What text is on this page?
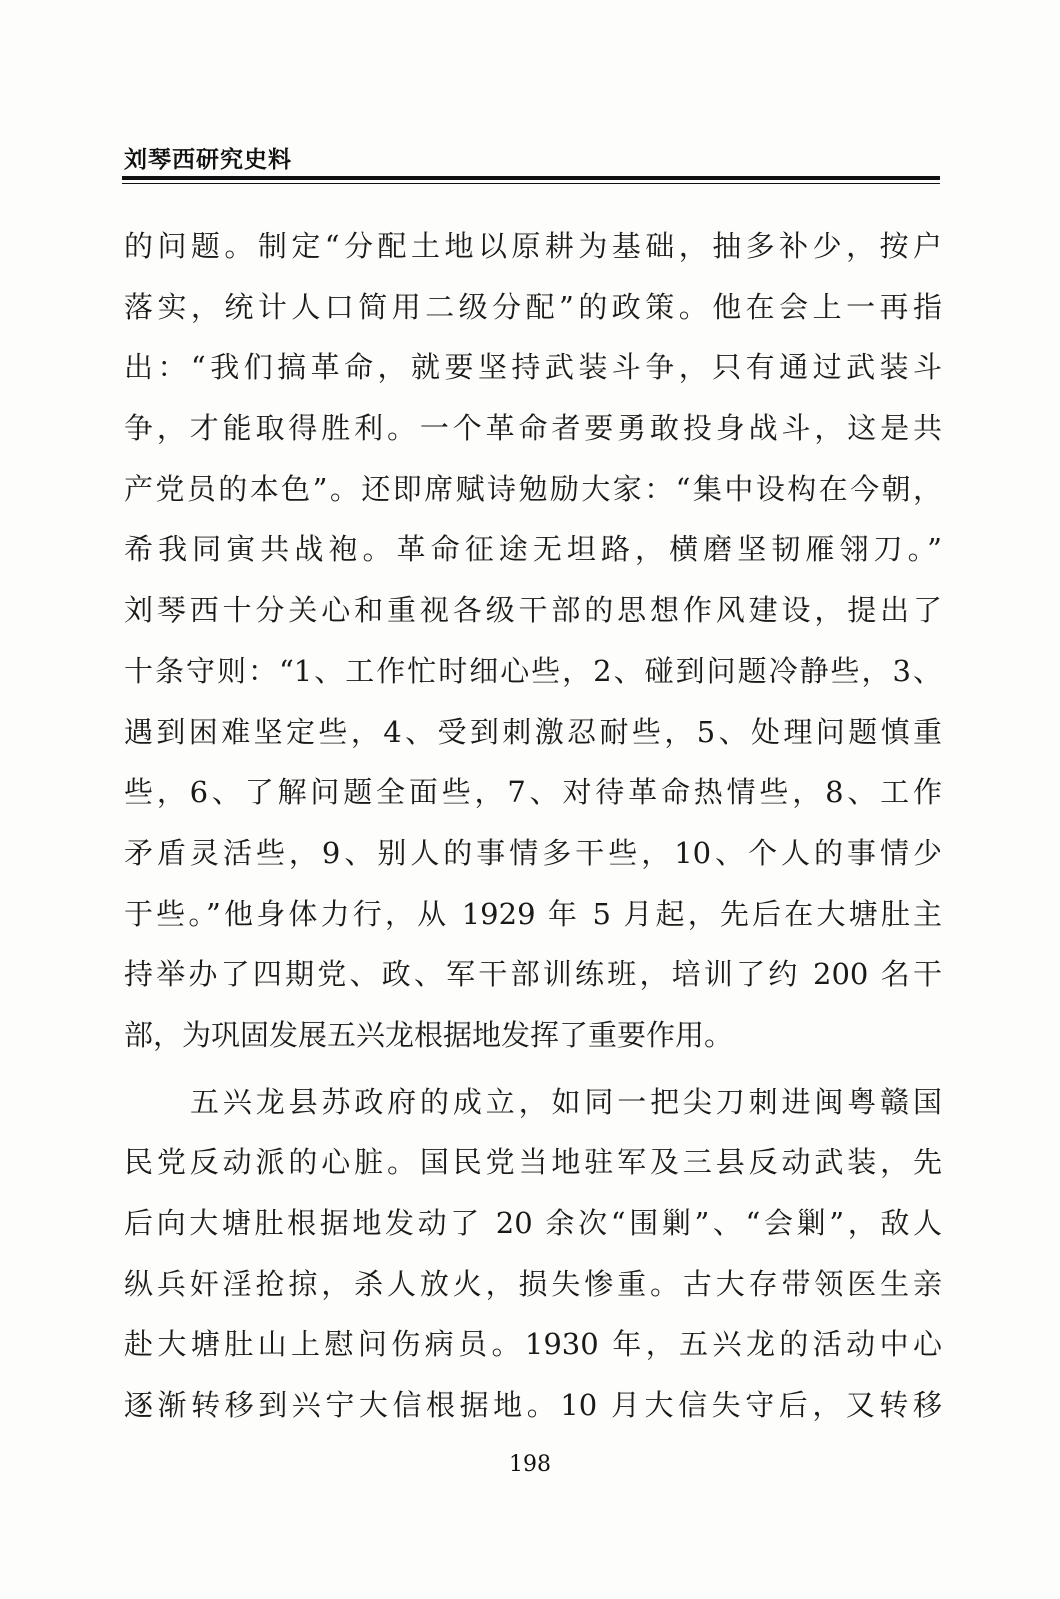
刘琴西研究史料

的问题。制定“分配土地以原耕为基础，抽多补少，按户

落实，统计人口简用二级分配”的政策。他在会上一再指

出：“我们搞革命，就要坚持武装斗争，只有通过武装斗

争，才能取得胜利。一个革命者要勇敢投身战斗，这是共

产党员的本色”。还即席赋诗勉励大家：“集中设构在今朝，

希我同寅共战袍。革命征途无坦路，横磨坚韧雁翎刀。”

刘琴西十分关心和重视各级干部的思想作风建设，提出了

十条守则：“1、工作忙时细心些，2、碰到问题冷静些，3、

遇到困难坚定些，4、受到刺激忍耐些，5、处理问题慎重

些，6、了解问题全面些，7、对待革命热情些，8、工作

矛盾灵活些，9、别人的事情多干些，10、个人的事情少

于些。”他身体力行，从 1929 年 5 月起，先后在大塘肚主

持举办了四期党、政、军干部训练班，培训了约 200 名干

部，为巩固发展五兴龙根据地发挥了重要作用。

五兴龙县苏政府的成立，如同一把尖刀刺进闽粤赣国

民党反动派的心脏。国民党当地驻军及三县反动武装，先

后向大塘肚根据地发动了 20 余次“围剿”、“会剿”，敌人

纵兵奸淫抢掠，杀人放火，损失惨重。古大存带领医生亲

赴大塘肚山上慰问伤病员。1930 年，五兴龙的活动中心

逐渐转移到兴宁大信根据地。10 月大信失守后，又转移

198
